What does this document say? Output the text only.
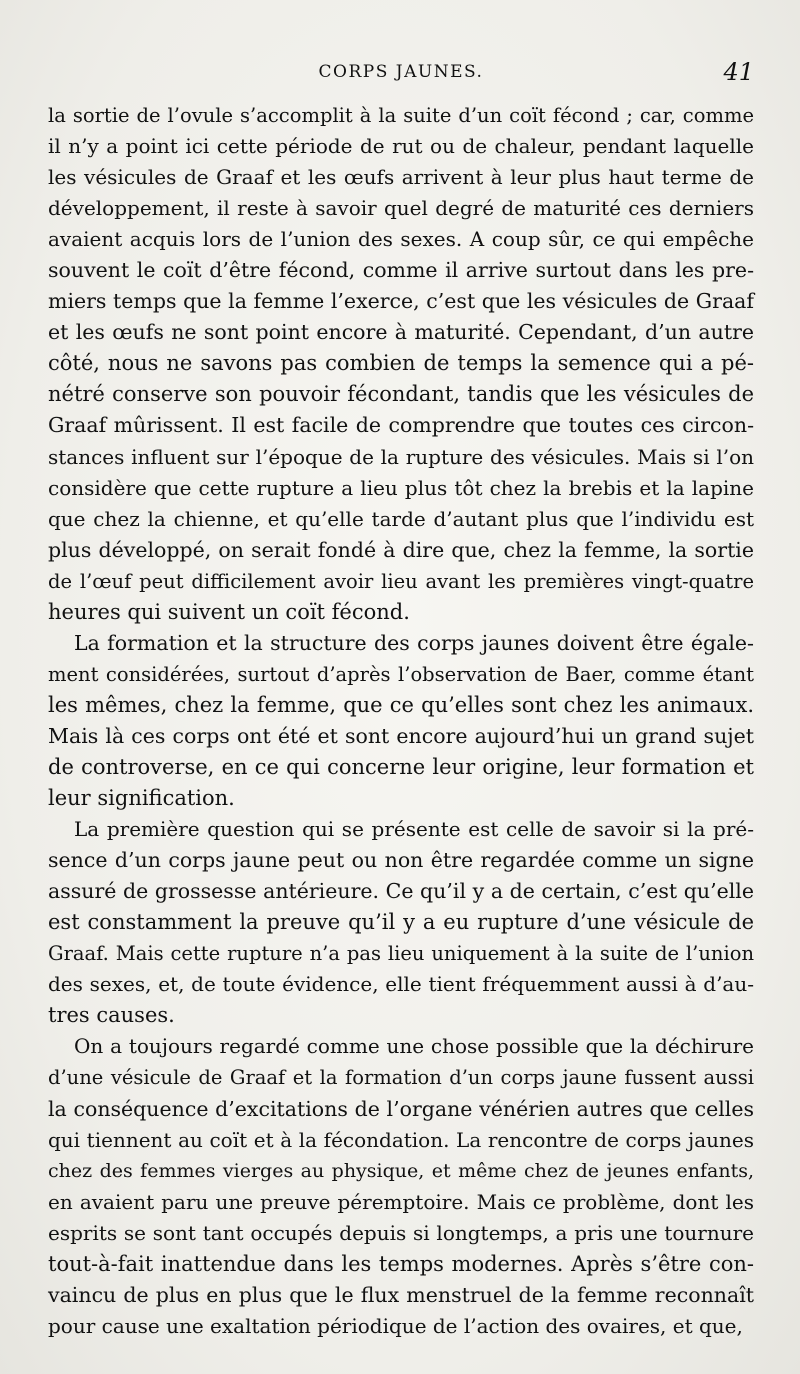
CORPS JAUNES.	41
la sortie de l’ovule s’accomplit à la suite d’un coït fécond ; car, comme
il n’y a point ici cette période de rut ou de chaleur, pendant laquelle
les vésicules de Graaf et les œufs arrivent à leur plus haut terme de
développement, il reste à savoir quel degré de maturité ces derniers
avaient acquis lors de l’union des sexes. A coup sûr, ce qui empêche
souvent le coït d’être fécond, comme il arrive surtout dans les pre-
miers temps que la femme l’exerce, c’est que les vésicules de Graaf
et les œufs ne sont point encore à maturité. Cependant, d’un autre
côté, nous ne savons pas combien de temps la semence qui a pé-
nétré conserve son pouvoir fécondant, tandis que les vésicules de
Graaf mûrissent. Il est facile de comprendre que toutes ces circon-
stances influent sur l’époque de la rupture des vésicules. Mais si l’on
considère que cette rupture a lieu plus tôt chez la brebis et la lapine
que chez la chienne, et qu’elle tarde d’autant plus que l’individu est
plus développé, on serait fondé à dire que, chez la femme, la sortie
de l’œuf peut difficilement avoir lieu avant les premières vingt-quatre
heures qui suivent un coït fécond.
La formation et la structure des corps jaunes doivent être égale-
ment considérées, surtout d’après l’observation de Baer, comme étant
les mêmes, chez la femme, que ce qu’elles sont chez les animaux.
Mais là ces corps ont été et sont encore aujourd’hui un grand sujet
de controverse, en ce qui concerne leur origine, leur formation et
leur signification.
La première question qui se présente est celle de savoir si la pré-
sence d’un corps jaune peut ou non être regardée comme un signe
assuré de grossesse antérieure. Ce qu’il y a de certain, c’est qu’elle
est constamment la preuve qu’il y a eu rupture d’une vésicule de
Graaf. Mais cette rupture n’a pas lieu uniquement à la suite de l’union
des sexes, et, de toute évidence, elle tient fréquemment aussi à d’au-
tres causes.
On a toujours regardé comme une chose possible que la déchirure
d’une vésicule de Graaf et la formation d’un corps jaune fussent aussi
la conséquence d’excitations de l’organe vénérien autres que celles
qui tiennent au coït et à la fécondation. La rencontre de corps jaunes
chez des femmes vierges au physique, et même chez de jeunes enfants,
en avaient paru une preuve péremptoire. Mais ce problème, dont les
esprits se sont tant occupés depuis si longtemps, a pris une tournure
tout-à-fait inattendue dans les temps modernes. Après s’être con-
vaincu de plus en plus que le flux menstruel de la femme reconnaît
pour cause une exaltation périodique de l’action des ovaires, et que,
